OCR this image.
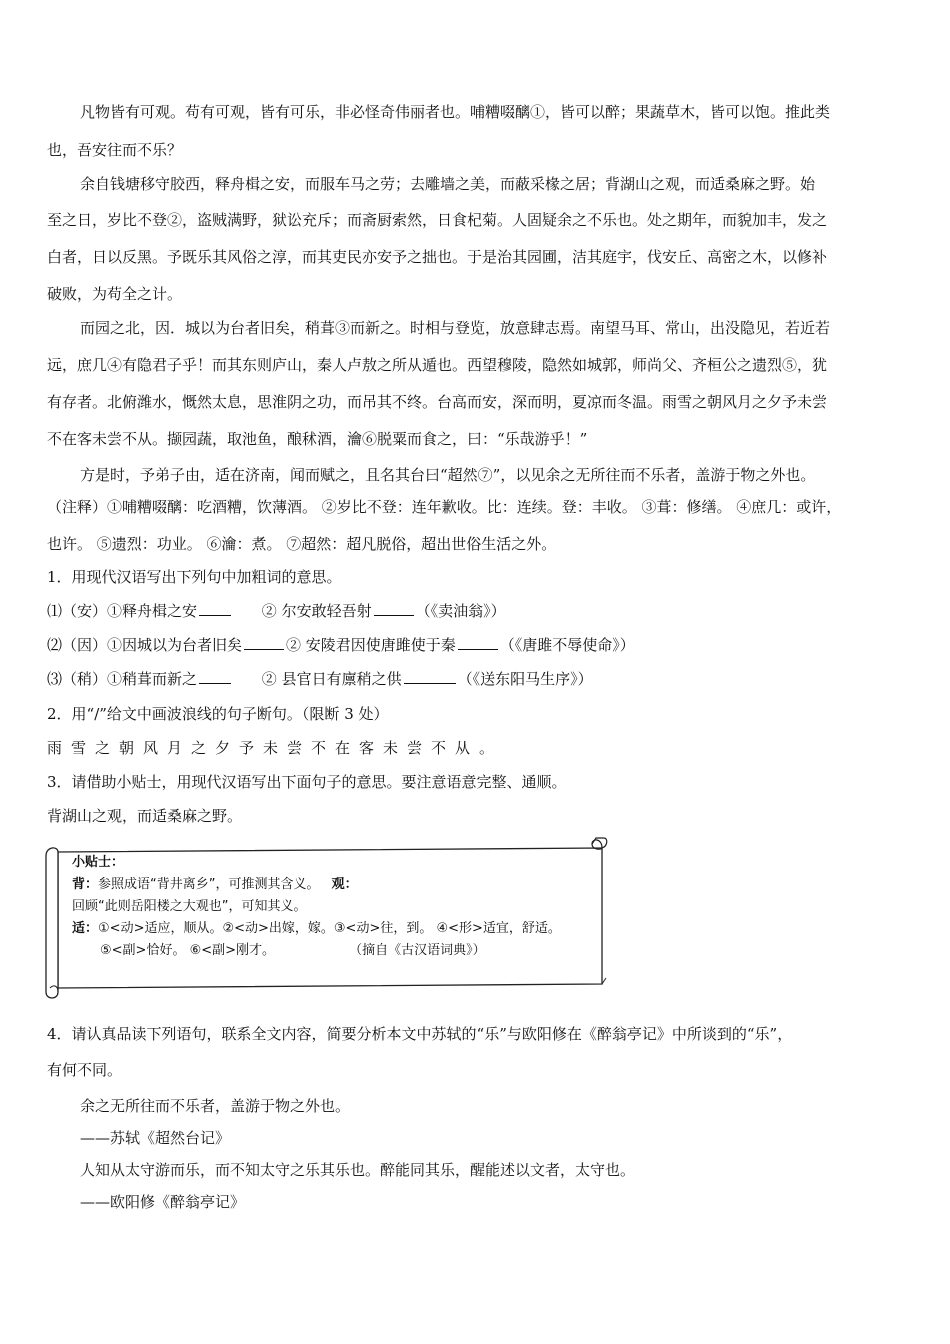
凡物皆有可观。苟有可观，皆有可乐，非必怪奇伟丽者也。哺糟啜醨①，皆可以醉；果蔬草木，皆可以饱。推此类
也，吾安往而不乐？
余自钱塘移守胶西，释舟楫之安，而服车马之劳；去雕墙之美，而蔽采椽之居；背湖山之观，而适桑麻之野。始
至之日，岁比不登②，盗贼满野，狱讼充斥；而斋厨索然，日食杞菊。人固疑余之不乐也。处之期年，而貌加丰，发之
白者，日以反黑。予既乐其风俗之淳，而其吏民亦安予之拙也。于是治其园圃，洁其庭宇，伐安丘、高密之木，以修补
破败，为苟全之计。
而园之北，因．城以为台者旧矣，稍葺③而新之。时相与登览，放意肆志焉。南望马耳、常山，出没隐见，若近若
远，庶几④有隐君子乎！而其东则庐山，秦人卢敖之所从遁也。西望穆陵，隐然如城郭，师尚父、齐桓公之遗烈⑤，犹
有存者。北俯潍水，慨然太息，思淮阴之功，而吊其不终。台高而安，深而明，夏凉而冬温。雨雪之朝风月之夕予未尝
不在客未尝不从。撷园蔬，取池鱼，酿秫酒，瀹⑥脱粟而食之，曰：“乐哉游乎！”
方是时，予弟子由，适在济南，闻而赋之，且名其台曰“超然⑦”，以见余之无所往而不乐者，盖游于物之外也。
（注释）①哺糟啜醨：吃酒糟，饮薄酒。 ②岁比不登：连年歉收。比：连续。登：丰收。 ③葺：修缮。 ④庶几：或许，
也许。 ⑤遗烈：功业。 ⑥瀹：煮。 ⑦超然：超凡脱俗，超出世俗生活之外。
1．用现代汉语写出下列句中加粗词的意思。
⑴（安）①释舟楫之安	② 尔安敢轻吾射	（《卖油翁》）
⑵（因）①因城以为台者旧矣	② 安陵君因使唐雎使于秦	（《唐雎不辱使命》）
⑶（稍）①稍葺而新之	② 县官日有廪稍之供	（《送东阳马生序》）
2．用“/”给文中画波浪线的句子断句。（限断 3 处）
雨雪之朝风月之夕予未尝不在客未尝不从。
3．请借助小贴士，用现代汉语写出下面句子的意思。要注意语意完整、通顺。
背湖山之观，而适桑麻之野。
小贴士：
背：参照成语“背井离乡”，可推测其含义。 观：
回顾“此则岳阳楼之大观也”，可知其义。
适：①<动>适应，顺从。②<动>出嫁，嫁。③<动>往，到。 ④<形>适宜，舒适。
⑤<副>恰好。 ⑥<副>刚才。	（摘自《古汉语词典》）
4．请认真品读下列语句，联系全文内容，简要分析本文中苏轼的“乐”与欧阳修在《醉翁亭记》中所谈到的“乐”，
有何不同。
余之无所往而不乐者，盖游于物之外也。
——苏轼《超然台记》
人知从太守游而乐，而不知太守之乐其乐也。醉能同其乐，醒能述以文者，太守也。
——欧阳修《醉翁亭记》
